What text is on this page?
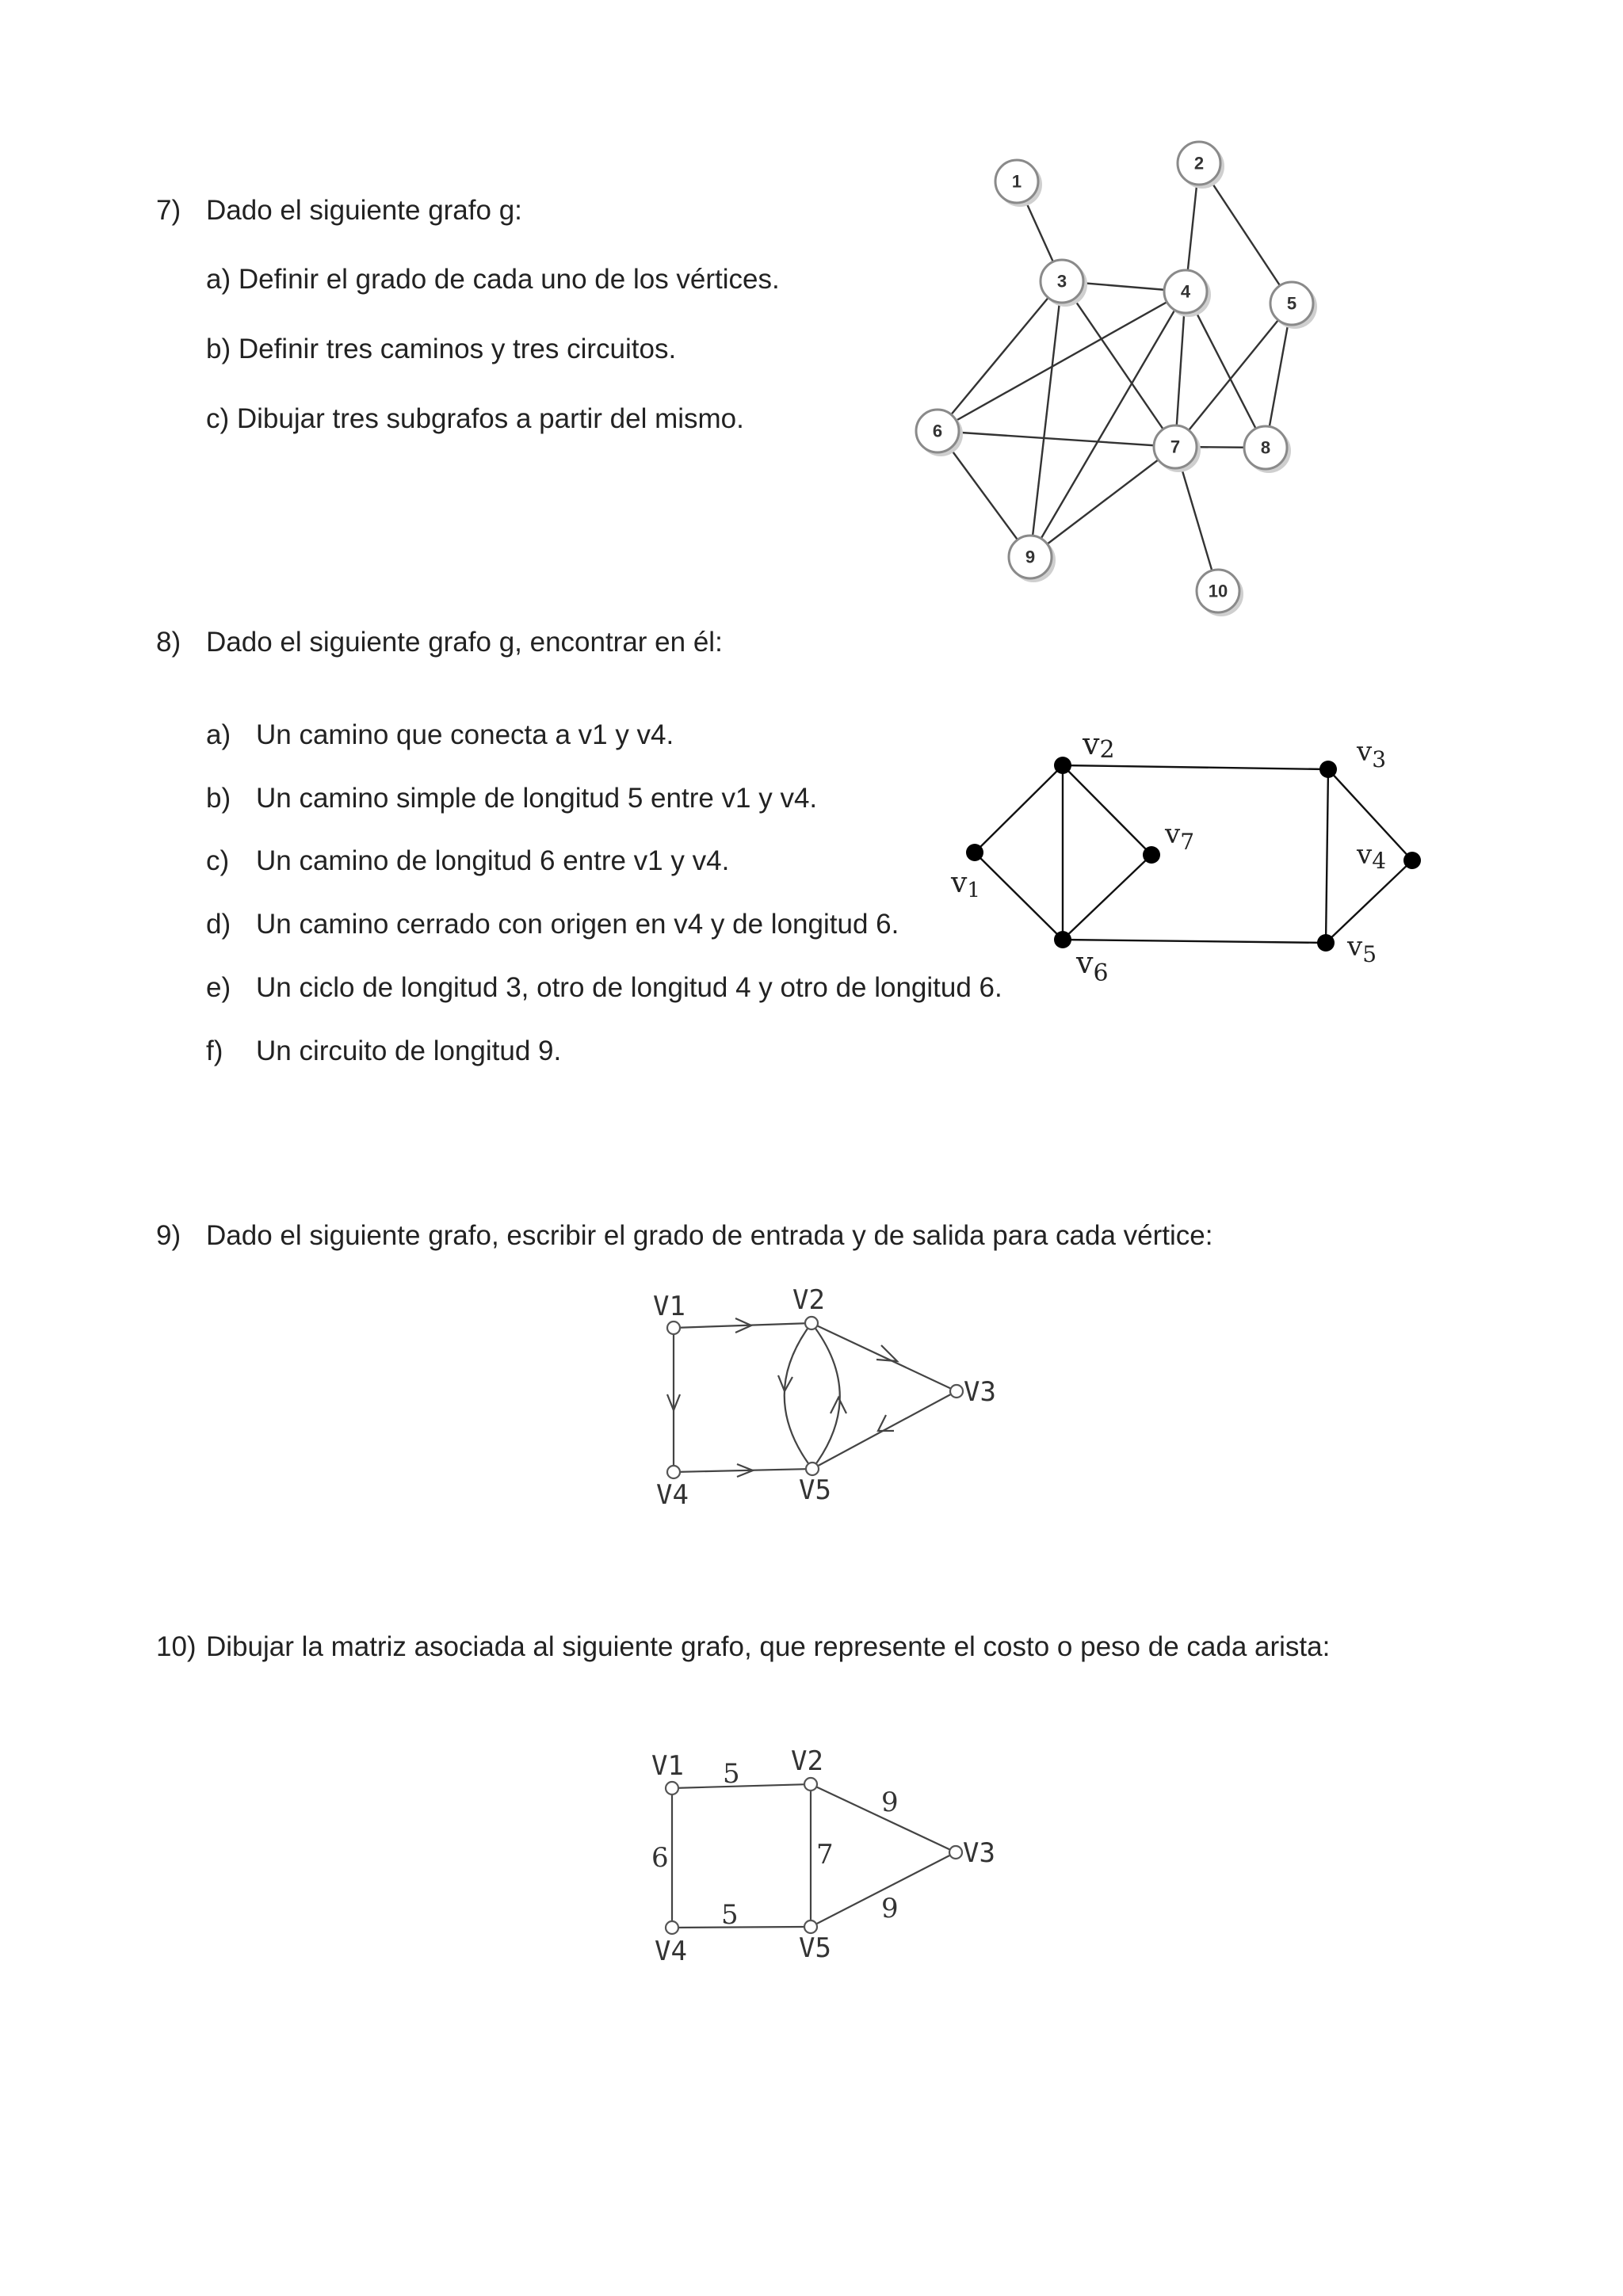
7) Dado el siguiente grafo g:
a) Definir el grado de cada uno de los vértices.
b) Definir tres caminos y tres circuitos.
c) Dibujar tres subgrafos a partir del mismo.
1
2
3
4
5
6
7	8
9
10
8) Dado el siguiente grafo g, encontrar en él:
a) Un camino que conecta a v1 y v4.
b) Un camino simple de longitud 5 entre v1 y v4.
c) Un camino de longitud 6 entre v1 y v4.
d) Un camino cerrado con origen en v4 y de longitud 6.
e) Un ciclo de longitud 3, otro de longitud 4 y otro de longitud 6.
f) Un circuito de longitud 9.
v1
v2	$v_3$
v4
$v_5$
$v_6$
$v_7$
9) Dado el siguiente grafo, escribir el grado de entrada y de salida para cada vértice:
V1	V2
V3
V4	V5
10) Dibujar la matriz asociada al siguiente grafo, que represente el costo o peso de cada arista:
V1	V2
V3
V4	V5
5
6	7
5
9
9
